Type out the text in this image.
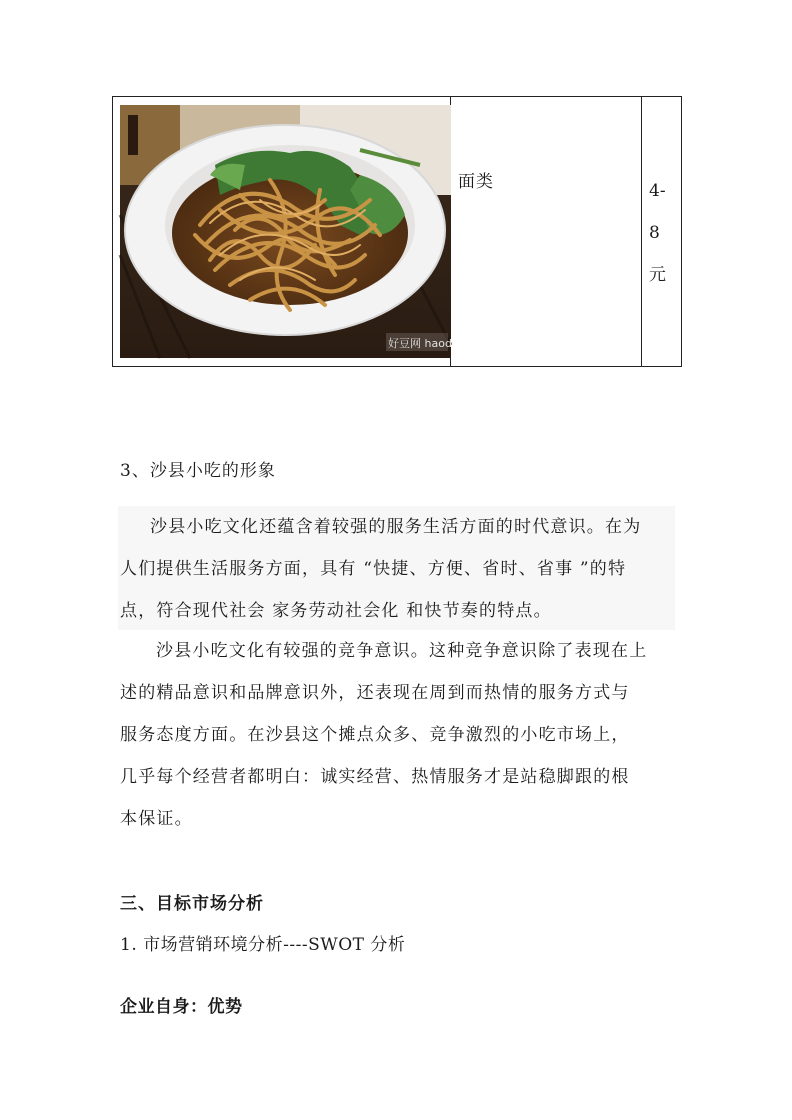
好豆网 haodou.com

面类	4-8元
3、沙县小吃的形象

沙县小吃文化还蕴含着较强的服务生活方面的时代意识。在为

人们提供生活服务方面，具有 “快捷、方便、省时、省事 ”的特

点，符合现代社会 家务劳动社会化 和快节奏的特点。

沙县小吃文化有较强的竞争意识。这种竞争意识除了表现在上

述的精品意识和品牌意识外，还表现在周到而热情的服务方式与

服务态度方面。在沙县这个摊点众多、竞争激烈的小吃市场上，

几乎每个经营者都明白：诚实经营、热情服务才是站稳脚跟的根

本保证。

三、目标市场分析
1. 市场营销环境分析----SWOT 分析
企业自身：优势
